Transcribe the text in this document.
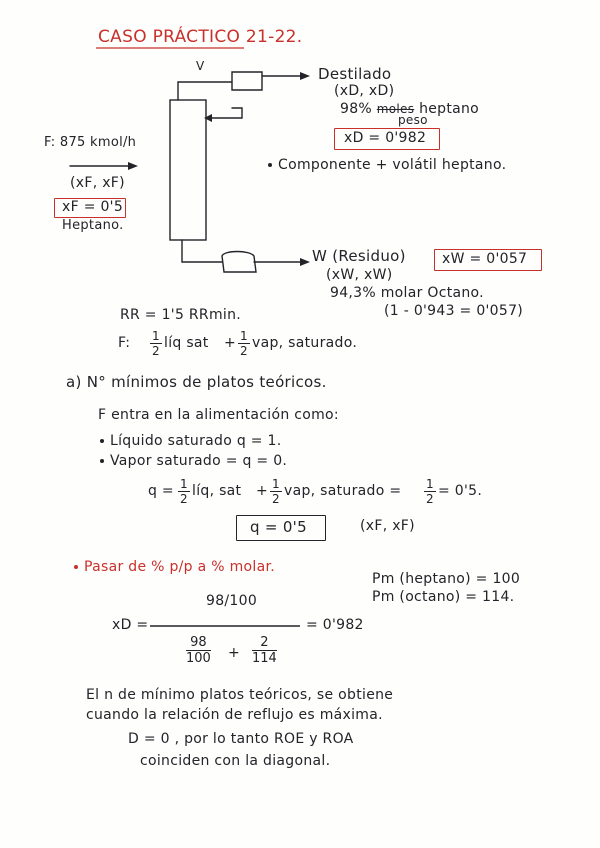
CASO PRÁCTICO 21-22.
V	Destilado
(xD, xD)
98% moles heptano
peso
xD = 0'982
F: 875 kmol/h
Componente + volátil heptano.
(xF, xF)
xF = 0'5
Heptano.
W (Residuo)	xW = 0'057
(xW, xW)
94,3% molar Octano.
(1 - 0'943 = 0'057)
RR = 1'5 RRmin.
F: $\frac{1}{2}$ líq sat + $\frac{1}{2}$ vap, saturado.
a) N° mínimos de platos teóricos.
F entra en la alimentación como:
Líquido saturado q = 1.
Vapor saturado = q = 0.
$q = \frac{1}{2}$ líq, sat + $\frac{1}{2}$ vap, saturado = $\frac{1}{2} = 0'5$.
q = 0'5	(xF, xF)
Pasar de % p/p a % molar.
Pm (heptano) = 100
Pm (octano) = 114.
98/100
xD =	= 0'982
$\frac{98}{100} + \frac{2}{114}$
El n de mínimo platos teóricos, se obtiene
cuando la relación de reflujo es máxima.
D = 0 , por lo tanto ROE y ROA
coinciden con la diagonal.
